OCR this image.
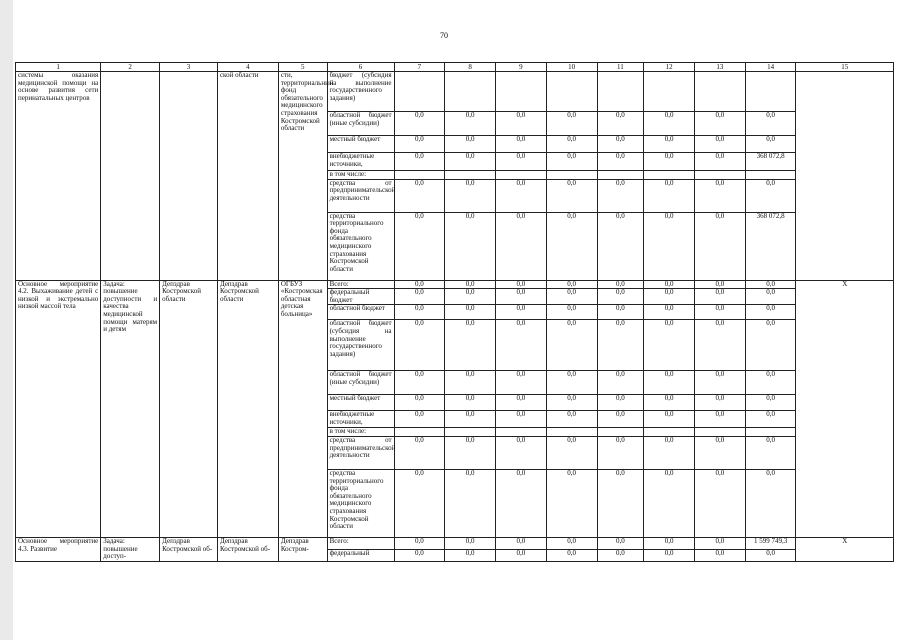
70
1	2	3	4	5	6	7	8	9	10	11	12	13	14	15
системы оказания медицинской помощи на основе развития сети перинатальных центров			ской области	сти, территориальный фонд обязательного медицинского страхования Костромской области	бюджет (субсидия на выполнение государственного задания)									
					областной бюджет (иные субсидии)	0,0	0,0	0,0	0,0	0,0	0,0	0,0	0,0	
					местный бюджет	0,0	0,0	0,0	0,0	0,0	0,0	0,0	0,0	
					внебюджетные источники,	0,0	0,0	0,0	0,0	0,0	0,0	0,0	368 072,8	
					в том числе:									
					средства от предпринимательской деятельности	0,0	0,0	0,0	0,0	0,0	0,0	0,0	0,0	
					средства территориального фонда обязательного медицинского страхования Костромской области	0,0	0,0	0,0	0,0	0,0	0,0	0,0	368 072,8	
Основное мероприятие 4.2. Выхаживание детей с низкой и экстремально низкой массой тела	Задача: повышение доступности и качества медицинской помощи матерям и детям	Депздрав Костромской области	Депздрав Костромской области	ОГБУЗ «Костромская областная детская больница»	Всего:	0,0	0,0	0,0	0,0	0,0	0,0	0,0	0,0	X
					федеральный бюджет	0,0	0,0	0,0	0,0	0,0	0,0	0,0	0,0	
					областной бюджет	0,0	0,0	0,0	0,0	0,0	0,0	0,0	0,0	
					областной бюджет (субсидия на выполнение государственного задания)	0,0	0,0	0,0	0,0	0,0	0,0	0,0	0,0	
					областной бюджет (иные субсидии)	0,0	0,0	0,0	0,0	0,0	0,0	0,0	0,0	
					местный бюджет	0,0	0,0	0,0	0,0	0,0	0,0	0,0	0,0	
					внебюджетные источники,	0,0	0,0	0,0	0,0	0,0	0,0	0,0	0,0	
					в том числе:									
					средства от предпринимательской деятельности	0,0	0,0	0,0	0,0	0,0	0,0	0,0	0,0	
					средства территориального фонда обязательного медицинского страхования Костромской области	0,0	0,0	0,0	0,0	0,0	0,0	0,0	0,0	
Основное мероприятие 4.3. Развитие	Задача: повышение доступ-	Депздрав Костромской об-	Депздрав Костромской об-	Депздрав Костром-	Всего:	0,0	0,0	0,0	0,0	0,0	0,0	0,0	1 599 749,3	X
					федеральный	0,0	0,0	0,0	0,0	0,0	0,0	0,0	0,0	
